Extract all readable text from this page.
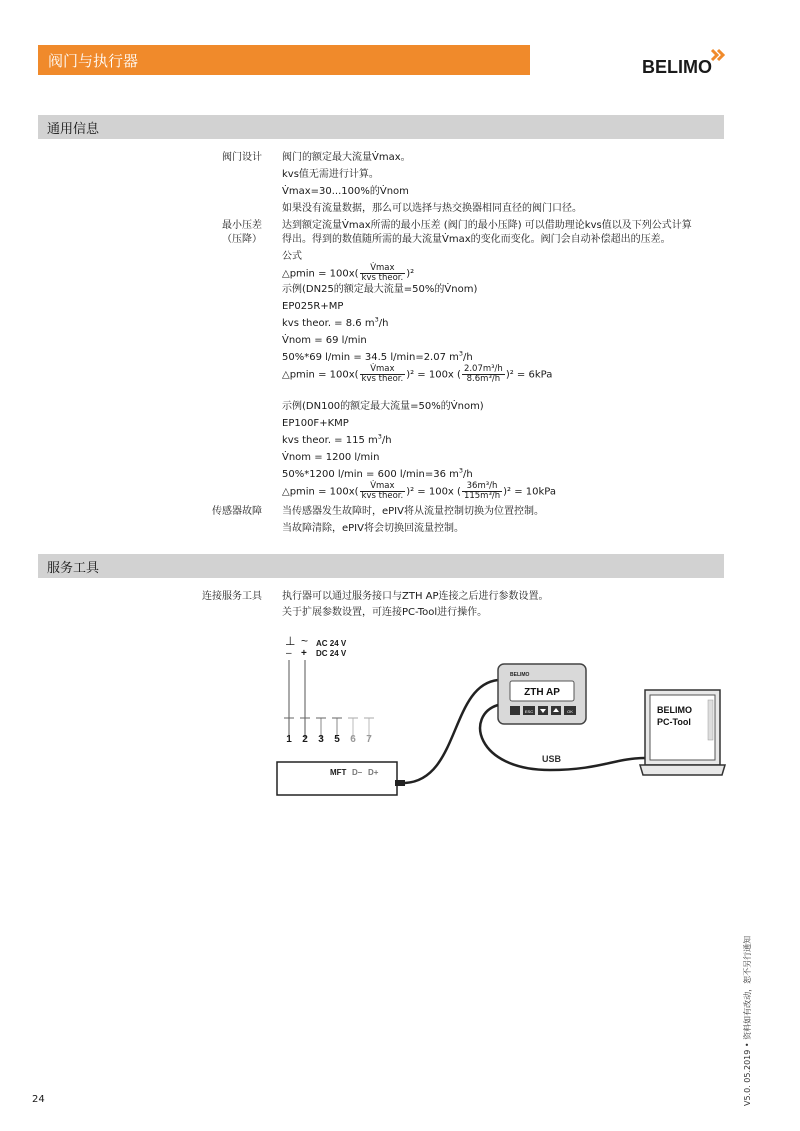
阀门与执行器	BELIMO
通用信息
阀门设计 阀门的额定最大流量V̇max。
kvs值无需进行计算。
V̇max=30...100%的V̇nom
如果没有流量数据，那么可以选择与热交换器相同直径的阀门口径。
最小压差
（压降）
达到额定流量V̇max所需的最小压差 (阀门的最小压降) 可以借助理论kvs值以及下列公式计算
得出。得到的数值随所需的最大流量V̇max的变化而变化。阀门会自动补偿超出的压差。
公式
△pmin = $100x( \frac{V̇\max}{\text{kvs theor.}} )^2$
示例(DN25的额定最大流量=50%的V̇nom)
EP025R+MP
kvs theor. = 8.6 $m^3/h$
V̇nom = 69 l/min
50%*69 l/min = 34.5 l/min=2.07 $m^3/h$
△pmin = $100x( \frac{V̇\max}{\text{kvs theor.}} )^2 = 100x$ ( $\frac{\text{2.07m³/h}}{\text{8.6m³/h}} )^2 = 6kPa$
示例(DN100的额定最大流量=50%的V̇nom)
EP100F+KMP
kvs theor. = 115 $m^3/h$
V̇nom = 1200 l/min
50%*1200 l/min = 600 l/min=36 $m^3/h$
△pmin = $100x( \frac{V̇\max}{\text{kvs theor.}} )^2 = 100x$ ( $\frac{\text{36m³/h}}{\text{115m³/h}} )^2 = 10kPa$
传感器故障 当传感器发生故障时，ePIV将从流量控制切换为位置控制。
当故障清除，ePIV将会切换回流量控制。
服务工具
连接服务工具 执行器可以通过服务接口与ZTH AP连接之后进行参数设置。
关于扩展参数设置，可连接PC-Tool进行操作。
⊥
–
~
+
AC 24 V
DC 24 V
1 2 3 5 6 7
MFT D– D+
BELIMO
ZTH AP
ESC	OK
USB
BELIMO
PC-Tool
24	V5.0. 05.2019 • 资料如有改动，恕不另行通知
